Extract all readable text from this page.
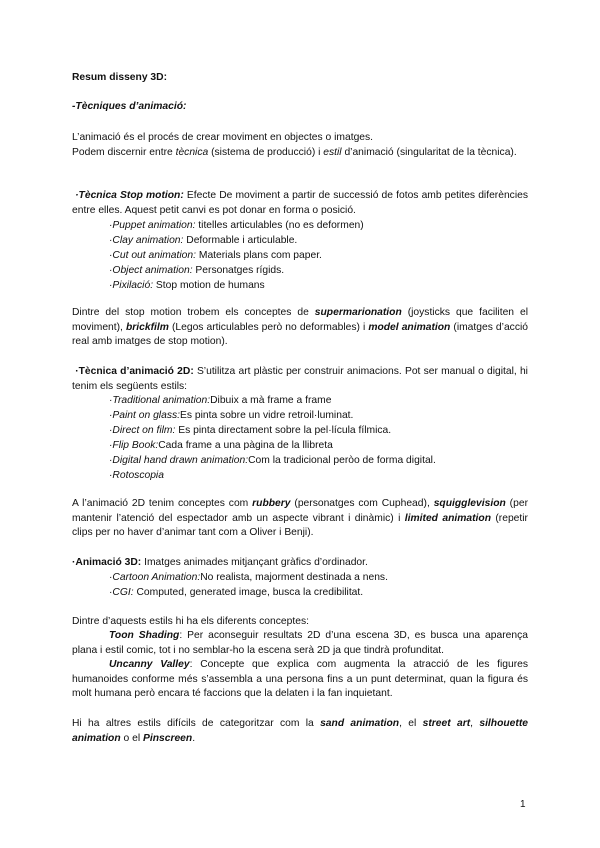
Resum disseny 3D:
-Tècniques d’animació:
L’animació és el procés de crear moviment en objectes o imatges.
Podem discernir entre tècnica (sistema de producció) i estil d’animació (singularitat de la tècnica).
·Tècnica Stop motion: Efecte De moviment a partir de successió de fotos amb petites diferències entre elles. Aquest petit canvi es pot donar en forma o posició.
·Puppet animation: titelles articulables (no es deformen)
·Clay animation: Deformable i articulable.
·Cut out animation: Materials plans com paper.
·Object animation: Personatges rígids.
·Pixilació: Stop motion de humans
Dintre del stop motion trobem els conceptes de supermarionation (joysticks que faciliten el moviment), brickfilm (Legos articulables però no deformables) i model animation (imatges d’acció real amb imatges de stop motion).
·Tècnica d’animació 2D: S’utilitza art plàstic per construir animacions. Pot ser manual o digital, hi tenim els següents estils:
·Traditional animation:Dibuix a mà frame a frame
·Paint on glass:Es pinta sobre un vidre retroil·luminat.
·Direct on film: Es pinta directament sobre la pel·lícula fílmica.
·Flip Book:Cada frame a una pàgina de la llibreta
·Digital hand drawn animation:Com la tradicional peròo de forma digital.
·Rotoscopia
A l’animació 2D tenim conceptes com rubbery (personatges com Cuphead), squigglevision (per mantenir l’atenció del espectador amb un aspecte vibrant i dinàmic) i limited animation (repetir clips per no haver d’animar tant com a Oliver i Benji).
·Animació 3D: Imatges animades mitjançant gràfics d’ordinador.
·Cartoon Animation:No realista, majorment destinada a nens.
·CGI: Computed, generated image, busca la credibilitat.
Dintre d’aquests estils hi ha els diferents conceptes:
Toon Shading: Per aconseguir resultats 2D d’una escena 3D, es busca una aparença plana i estil comic, tot i no semblar-ho la escena serà 2D ja que tindrà profunditat.
Uncanny Valley: Concepte que explica com augmenta la atracció de les figures humanoides conforme més s’assembla a una persona fins a un punt determinat, quan la figura és molt humana però encara té faccions que la delaten i la fan inquietant.
Hi ha altres estils difícils de categoritzar com la sand animation, el street art, silhouette animation o el Pinscreen.
1
